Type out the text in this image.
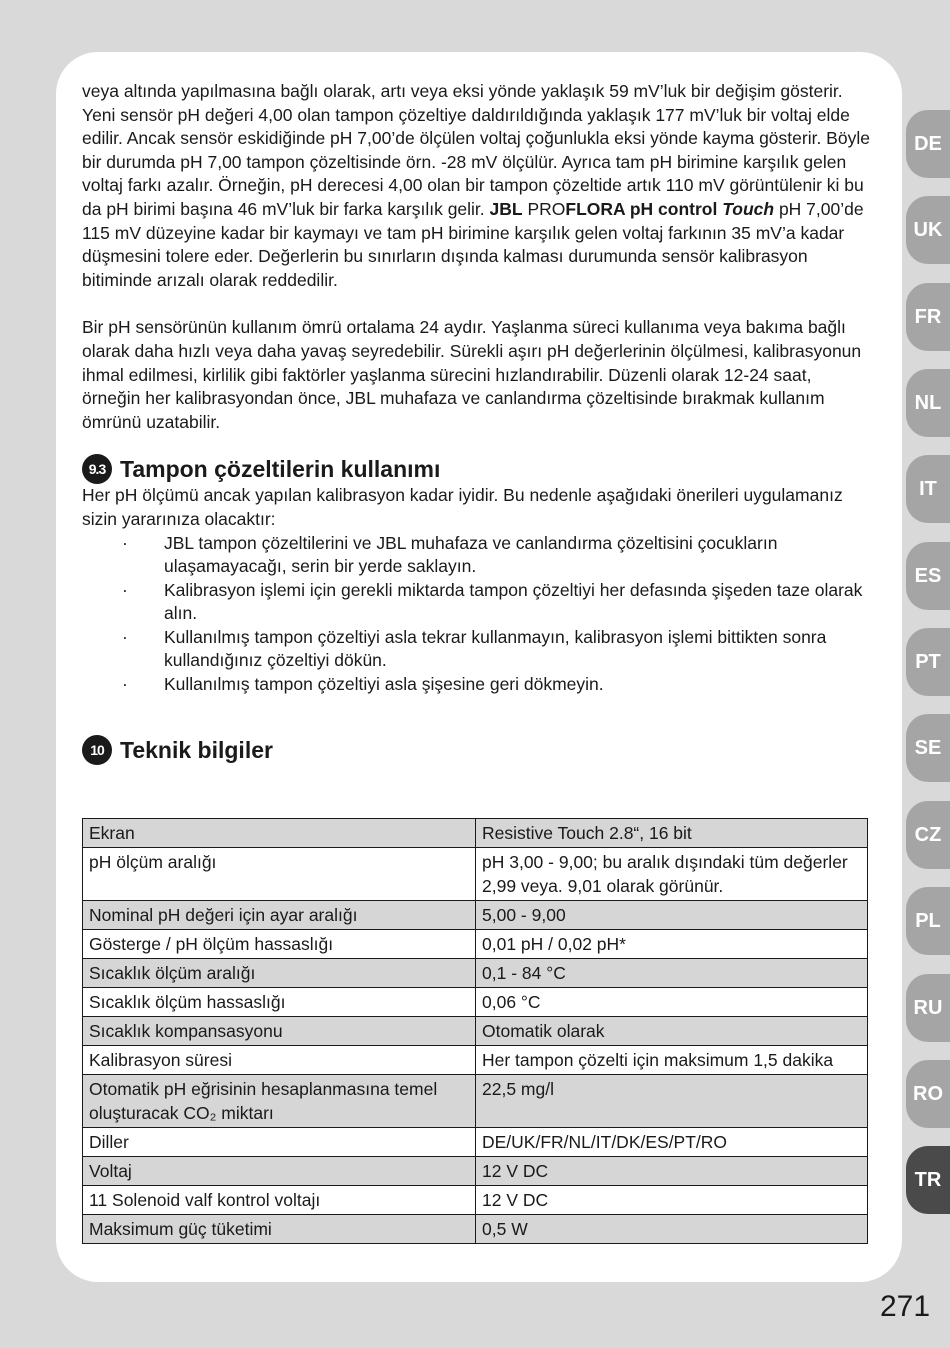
veya altında yapılmasına bağlı olarak, artı veya eksi yönde yaklaşık 59 mV’luk bir değişim gösterir. Yeni sensör pH değeri 4,00 olan tampon çözeltiye daldırıldığında yaklaşık 177 mV’luk bir voltaj elde edilir. Ancak sensör eskidiğinde pH 7,00’de ölçülen voltaj çoğunlukla eksi yönde kayma gösterir. Böyle bir durumda pH 7,00 tampon çözeltisinde örn. -28 mV ölçülür. Ayrıca tam pH birimine karşılık gelen voltaj farkı azalır. Örneğin, pH derecesi 4,00 olan bir tampon çözeltide artık 110 mV görüntülenir ki bu da pH birimi başına 46 mV’luk bir farka karşılık gelir. JBL PROFLORA pH control Touch pH 7,00’de 115 mV düzeyine kadar bir kaymayı ve tam pH birimine karşılık gelen voltaj farkının 35 mV’a kadar düşmesini tolere eder. Değerlerin bu sınırların dışında kalması durumunda sensör kalibrasyon bitiminde arızalı olarak reddedilir.

Bir pH sensörünün kullanım ömrü ortalama 24 aydır. Yaşlanma süreci kullanıma veya bakıma bağlı olarak daha hızlı veya daha yavaş seyredebilir. Sürekli aşırı pH değerlerinin ölçülmesi, kalibrasyonun ihmal edilmesi, kirlilik gibi faktörler yaşlanma sürecini hızlandırabilir. Düzenli olarak 12-24 saat, örneğin her kalibrasyondan önce, JBL muhafaza ve canlandırma çözeltisinde bırakmak kullanım ömrünü uzatabilir.

9.3 Tampon çözeltilerin kullanımı

Her pH ölçümü ancak yapılan kalibrasyon kadar iyidir. Bu nedenle aşağıdaki önerileri uygulamanız sizin yararınıza olacaktır:

· JBL tampon çözeltilerini ve JBL muhafaza ve canlandırma çözeltisini çocukların ulaşamayacağı, serin bir yerde saklayın.
· Kalibrasyon işlemi için gerekli miktarda tampon çözeltiyi her defasında şişeden taze olarak alın.
· Kullanılmış tampon çözeltiyi asla tekrar kullanmayın, kalibrasyon işlemi bittikten sonra kullandığınız çözeltiyi dökün.
· Kullanılmış tampon çözeltiyi asla şişesine geri dökmeyin.
10 Teknik bilgiler
Ekran	Resistive Touch 2.8“, 16 bit
pH ölçüm aralığı	pH 3,00 - 9,00; bu aralık dışındaki tüm değerler 2,99 veya. 9,01 olarak görünür.
Nominal pH değeri için ayar aralığı	5,00 - 9,00
Gösterge / pH ölçüm hassaslığı	0,01 pH / 0,02 pH*
Sıcaklık ölçüm aralığı	0,1 - 84 °C
Sıcaklık ölçüm hassaslığı	0,06 °C
Sıcaklık kompansasyonu	Otomatik olarak
Kalibrasyon süresi	Her tampon çözelti için maksimum 1,5 dakika
Otomatik pH eğrisinin hesaplanmasına temel oluşturacak CO₂ miktarı	22,5 mg/l
Diller	DE/UK/FR/NL/IT/DK/ES/PT/RO
Voltaj	12 V DC
11 Solenoid valf kontrol voltajı	12 V DC
Maksimum güç tüketimi	0,5 W
DE
UK
FR
NL
IT
ES
PT
SE
CZ
PL
RU
RO
TR
271
